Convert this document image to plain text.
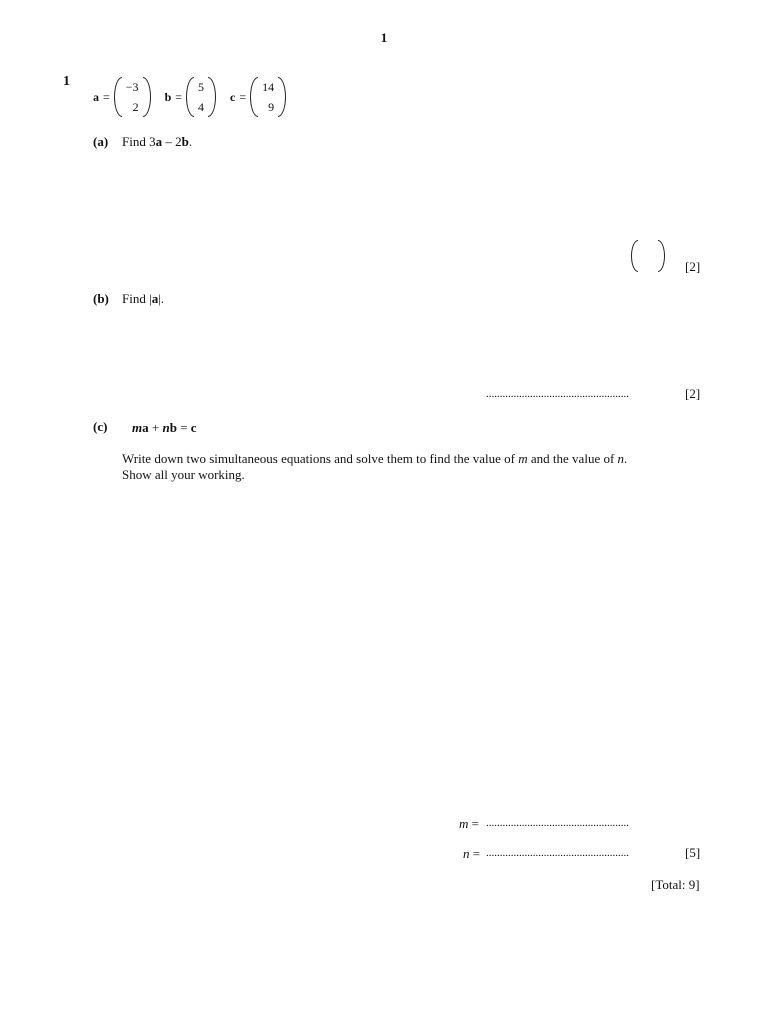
1
1
a =
−3
2
b =
5
4
c =
14
9
(a) Find 3a – 2b.
[2]
(b) Find |a|.
....................................................	[2]
(c) ma + nb = c
Write down two simultaneous equations and solve them to find the value of m and the value of n.
Show all your working.
m = ....................................................
n = ....................................................	[5]
[Total: 9]
